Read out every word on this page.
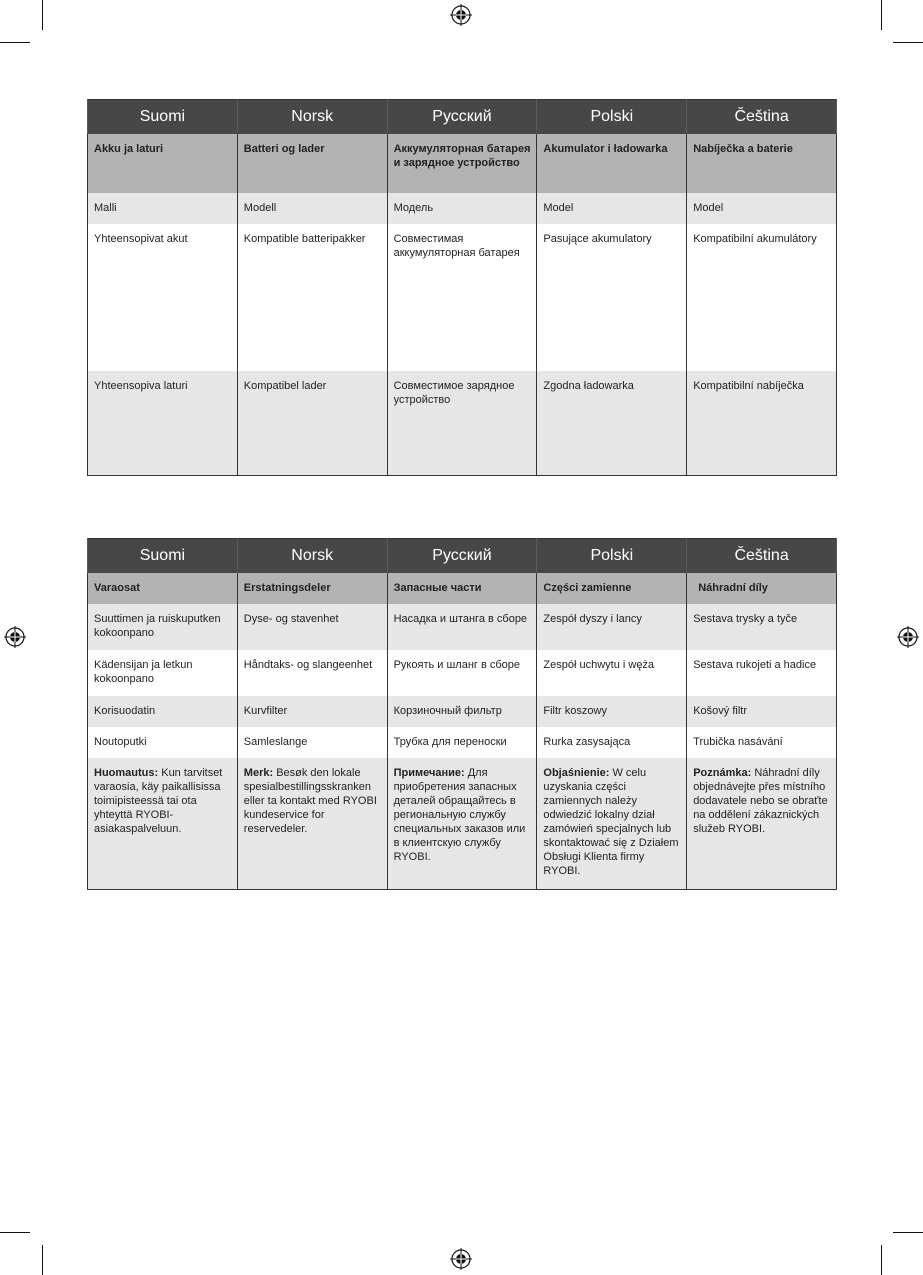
Suomi	Norsk	Русский	Polski	Čeština
Akku ja laturi	Batteri og lader	Аккумуляторная батарея и зарядное устройство	Akumulator i ładowarka	Nabíječka a baterie
Malli	Modell	Модель	Model	Model
Yhteensopivat akut	Kompatible batteripakker	Совместимая аккумуляторная батарея	Pasujące akumulatory	Kompatibilní akumulátory
Yhteensopiva laturi	Kompatibel lader	Совместимое зарядное устройство	Zgodna ładowarka	Kompatibilní nabíječka
Suomi	Norsk	Русский	Polski	Čeština
Varaosat	Erstatningsdeler	Запасные части	Części zamienne	Náhradní díly
Suuttimen ja ruiskuputken kokoonpano	Dyse- og stavenhet	Насадка и штанга в сборе	Zespół dyszy i lancy	Sestava trysky a tyče
Kädensijan ja letkun kokoonpano	Håndtaks- og slangeenhet	Рукоять и шланг в сборе	Zespół uchwytu i węża	Sestava rukojeti a hadice
Korisuodatin	Kurvfilter	Корзиночный фильтр	Filtr koszowy	Košový filtr
Noutoputki	Samleslange	Трубка для переноски	Rurka zasysająca	Trubička nasávání
Huomautus: Kun tarvitset varaosia, käy paikallisissa toimipisteessä tai ota yhteyttä RYOBI-asiakaspalveluun.	Merk: Besøk den lokale spesialbestillingsskranken eller ta kontakt med RYOBI kundeservice for reservedeler.	Примечание: Для приобретения запасных деталей обращайтесь в региональную службу специальных заказов или в клиентскую службу RYOBI.	Objaśnienie: W celu uzyskania części zamiennych należy odwiedzić lokalny dział zamówień specjalnych lub skontaktować się z Działem Obsługi Klienta firmy RYOBI.	Poznámka: Náhradní díly objednávejte přes místního dodavatele nebo se obraťte na oddělení zákaznických služeb RYOBI.
